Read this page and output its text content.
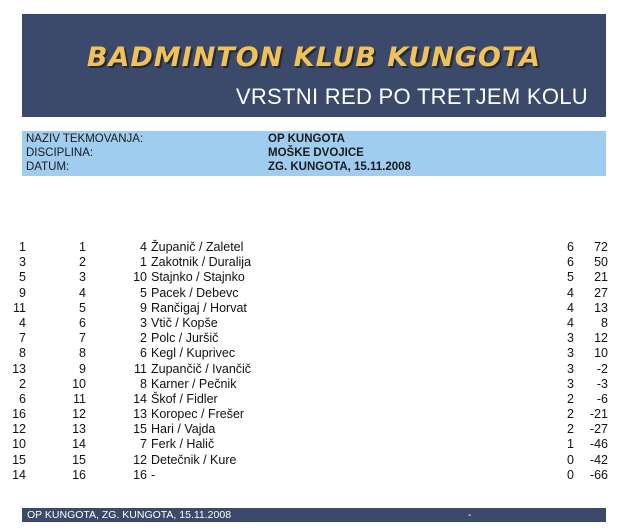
BADMINTON KLUB KUNGOTA
VRSTNI RED PO TRETJEM KOLU
NAZIV TEKMOVANJA:	OP KUNGOTA
DISCIPLINA:	MOŠKE DVOJICE
DATUM:	ZG. KUNGOTA, 15.11.2008
1	1	4 Županič / Zaletel	6	72
3	2	1 Zakotnik / Duralija	6	50
5	3	10 Stajnko / Stajnko	5	21
9	4	5 Pacek / Debevc	4	27
11	5	9 Rančigaj / Horvat	4	13
4	6	3 Vtič / Kopše	4	8
7	7	2 Polc / Juršič	3	12
8	8	6 Kegl / Kuprivec	3	10
13	9	11 Zupančič / Ivančič	3	-2
2	10	8 Karner / Pečnik	3	-3
6	11	14 Škof / Fidler	2	-6
16	12	13 Koropec / Frešer	2	-21
12	13	15 Hari / Vajda	2	-27
10	14	7 Ferk / Halič	1	-46
15	15	12 Detečnik / Kure	0	-42
14	16	16 -	0	-66
OP KUNGOTA, ZG. KUNGOTA, 15.11.2008	-
